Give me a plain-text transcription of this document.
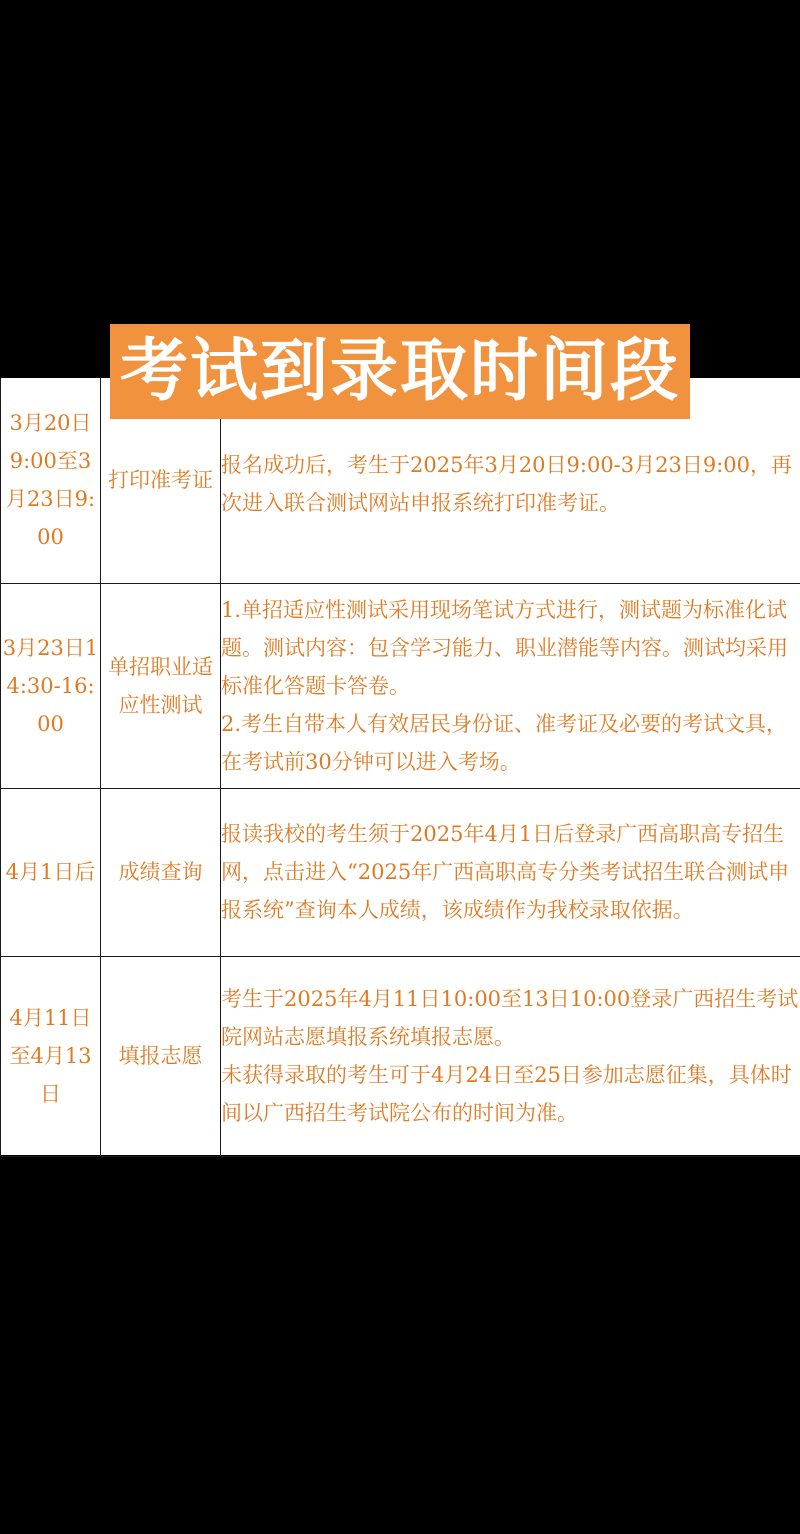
考试到录取时间段
3月20日9:00至3月23日9:00	打印准考证	报名成功后，考生于2025年3月20日9:00-3月23日9:00，再次进入联合测试网站申报系统打印准考证。

3月23日14:30-16:00	单招职业适应性测试	1.单招适应性测试采用现场笔试方式进行，测试题为标准化试题。测试内容：包含学习能力、职业潜能等内容。测试均采用标准化答题卡答卷。

2.考生自带本人有效居民身份证、准考证及必要的考试文具，在考试前30分钟可以进入考场。

4月1日后	成绩查询	报读我校的考生须于2025年4月1日后登录广西高职高专招生网，点击进入“2025年广西高职高专分类考试招生联合测试申报系统”查询本人成绩，该成绩作为我校录取依据。

4月11日至4月13日	填报志愿	考生于2025年4月11日10:00至13日10:00登录广西招生考试院网站志愿填报系统填报志愿。

未获得录取的考生可于4月24日至25日参加志愿征集，具体时间以广西招生考试院公布的时间为准。
